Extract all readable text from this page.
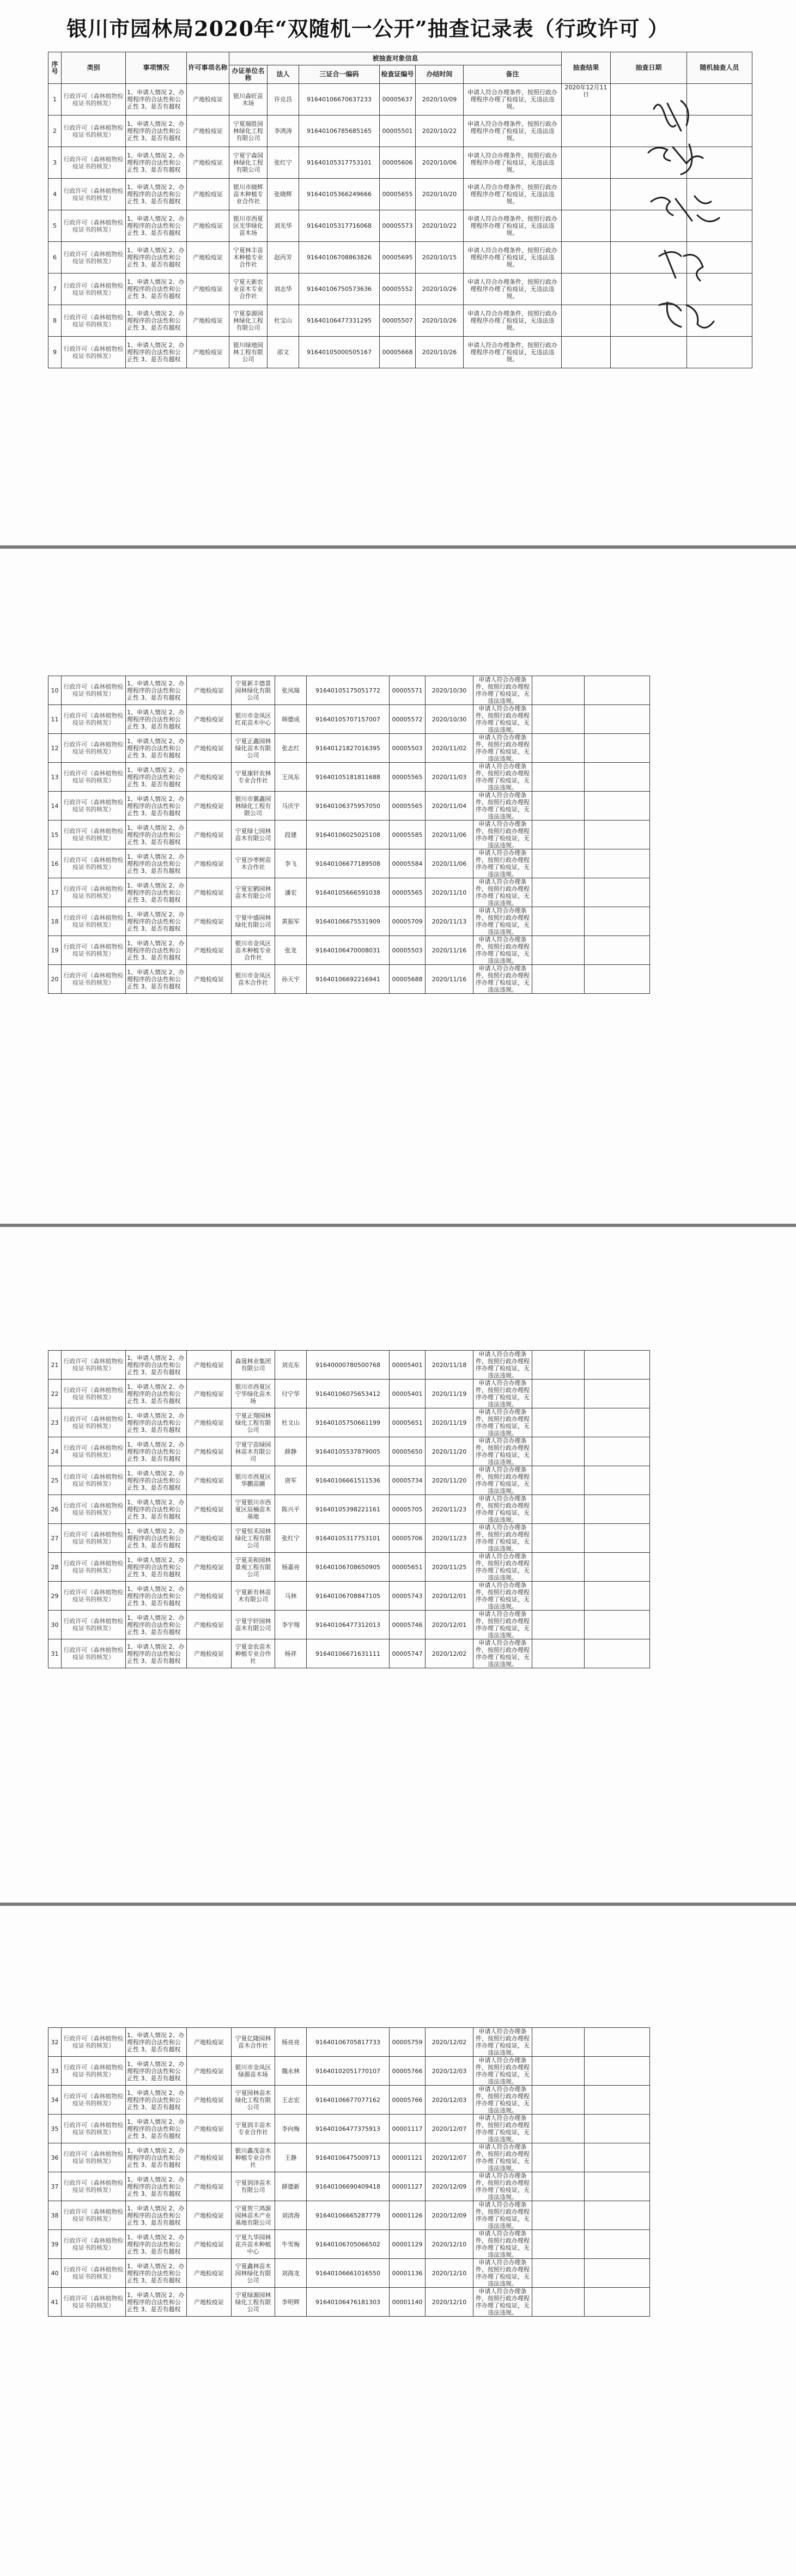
银川市园林局2020年“双随机一公开”抽查记录表（行政许可 ）
序号	类别	事项情况	许可事项名称	被抽查对象信息						抽查结果	抽查日期	随机抽查人员
				办证单位名称	法人	三证合一编码	检查证编号	办结时间	备注			
1	行政许可（森林植物检疫证书的核发）	1、申请人情况 2、办理程序的合法性和公正性 3、是否有越权	产地检疫证	银川森旺苗木场	许克昌	91640106670637233	00005637	2020/10/09	申请人符合办理条件，按照行政办理程序办理了检疫证，无违法违规。	2020年12月11日		
2	行政许可（森林植物检疫证书的核发）	1、申请人情况 2、办理程序的合法性和公正性 3、是否有越权	产地检疫证	宁夏瑞胜园林绿化工程有限公司	李鸿涛	91640106785685165	00005501	2020/10/22	申请人符合办理条件，按照行政办理程序办理了检疫证，无违法违规。			
3	行政许可（森林植物检疫证书的核发）	1、申请人情况 2、办理程序的合法性和公正性 3、是否有越权	产地检疫证	宁夏宁森园林绿化工程有限公司	张红宁	91640105317753101	00005606	2020/10/06	申请人符合办理条件，按照行政办理程序办理了检疫证，无违法违规。			
4	行政许可（森林植物检疫证书的核发）	1、申请人情况 2、办理程序的合法性和公正性 3、是否有越权	产地检疫证	银川市晓辉苗木种植专业合作社	张晓辉	91640105366249666	00005655	2020/10/20	申请人符合办理条件，按照行政办理程序办理了检疫证，无违法违规。			
5	行政许可（森林植物检疫证书的核发）	1、申请人情况 2、办理程序的合法性和公正性 3、是否有越权	产地检疫证	银川市西夏区光华绿化苗木场	刘光华	91640105317716068	00005573	2020/10/22	申请人符合办理条件，按照行政办理程序办理了检疫证，无违法违规。			
6	行政许可（森林植物检疫证书的核发）	1、申请人情况 2、办理程序的合法性和公正性 3、是否有越权	产地检疫证	宁夏林丰苗木种植专业合作社	赵丙芳	91640106708863826	00005695	2020/10/15	申请人符合办理条件，按照行政办理程序办理了检疫证，无违法违规。			
7	行政许可（森林植物检疫证书的核发）	1、申请人情况 2、办理程序的合法性和公正性 3、是否有越权	产地检疫证	宁夏天新农业苗木专业合作社	刘志华	91640106750573636	00005552	2020/10/26	申请人符合办理条件，按照行政办理程序办理了检疫证，无违法违规。			
8	行政许可（森林植物检疫证书的核发）	1、申请人情况 2、办理程序的合法性和公正性 3、是否有越权	产地检疫证	宁夏泰源园林绿化工程有限公司	杜宝山	91640106477331295	00005507	2020/10/26	申请人符合办理条件，按照行政办理程序办理了检疫证，无违法违规。			
9	行政许可（森林植物检疫证书的核发）	1、申请人情况 2、办理程序的合法性和公正性 3、是否有越权	产地检疫证	银川绿地园林工程有限公司	邵文	91640105000505167	00005668	2020/10/26	申请人符合办理条件，按照行政办理程序办理了检疫证，无违法违规。			
10	行政许可（森林植物检疫证书的核发）	1、申请人情况 2、办理程序的合法性和公正性 3、是否有越权	产地检疫证	宁夏新丰德景园林绿化有限公司	张凤瑞	91640105175051772	00005571	2020/10/30	申请人符合办理条件，按照行政办理程序办理了检疫证，无违法违规。		
11	行政许可（森林植物检疫证书的核发）	1、申请人情况 2、办理程序的合法性和公正性 3、是否有越权	产地检疫证	银川市金凤区红花苗木中心	韩德成	91640105707157007	00005572	2020/10/30	申请人符合办理条件，按照行政办理程序办理了检疫证，无违法违规。		
12	行政许可（森林植物检疫证书的核发）	1、申请人情况 2、办理程序的合法性和公正性 3、是否有越权	产地检疫证	宁夏正鑫园林绿化苗木有限公司	张志红	91640121827016395	00005503	2020/11/02	申请人符合办理条件，按照行政办理程序办理了检疫证，无违法违规。		
13	行政许可（森林植物检疫证书的核发）	1、申请人情况 2、办理程序的合法性和公正性 3、是否有越权	产地检疫证	宁夏康轩农林专业合作社	王凤东	91640105181811688	00005565	2020/11/03	申请人符合办理条件，按照行政办理程序办理了检疫证，无违法违规。		
14	行政许可（森林植物检疫证书的核发）	1、申请人情况 2、办理程序的合法性和公正性 3、是否有越权	产地检疫证	银川市翼鑫园林绿化工程有限公司	马庆宇	91640106375957050	00005565	2020/11/04	申请人符合办理条件，按照行政办理程序办理了检疫证，无违法违规。		
15	行政许可（森林植物检疫证书的核发）	1、申请人情况 2、办理程序的合法性和公正性 3、是否有越权	产地检疫证	宁夏绿七园林苗木有限公司	段建	91640106025025108	00005585	2020/11/06	申请人符合办理条件，按照行政办理程序办理了检疫证，无违法违规。		
16	行政许可（森林植物检疫证书的核发）	1、申请人情况 2、办理程序的合法性和公正性 3、是否有越权	产地检疫证	宁夏沙枣树苗木合作社	李飞	91640106677189508	00005584	2020/11/06	申请人符合办理条件，按照行政办理程序办理了检疫证，无违法违规。		
17	行政许可（森林植物检疫证书的核发）	1、申请人情况 2、办理程序的合法性和公正性 3、是否有越权	产地检疫证	宁夏宏鹤园林苗木有限公司	潘宏	91640105666591038	00005565	2020/11/10	申请人符合办理条件，按照行政办理程序办理了检疫证，无违法违规。		
18	行政许可（森林植物检疫证书的核发）	1、申请人情况 2、办理程序的合法性和公正性 3、是否有越权	产地检疫证	宁夏中盛园林绿化有限公司	黄振军	91640106675531909	00005709	2020/11/13	申请人符合办理条件，按照行政办理程序办理了检疫证，无违法违规。		
19	行政许可（森林植物检疫证书的核发）	1、申请人情况 2、办理程序的合法性和公正性 3、是否有越权	产地检疫证	银川市金凤区苗木种植专业合作社	张龙	91640106470008031	00005503	2020/11/16	申请人符合办理条件，按照行政办理程序办理了检疫证，无违法违规。		
20	行政许可（森林植物检疫证书的核发）	1、申请人情况 2、办理程序的合法性和公正性 3、是否有越权	产地检疫证	银川市金凤区苗木合作社	孙天宇	91640106692216941	00005688	2020/11/16	申请人符合办理条件，按照行政办理程序办理了检疫证，无违法违规。		
21	行政许可（森林植物检疫证书的核发）	1、申请人情况 2、办理程序的合法性和公正性 3、是否有越权	产地检疫证	森晟林业集团有限公司	刘克东	91640000780500768	00005401	2020/11/18	申请人符合办理条件，按照行政办理程序办理了检疫证，无违法违规。		
22	行政许可（森林植物检疫证书的核发）	1、申请人情况 2、办理程序的合法性和公正性 3、是否有越权	产地检疫证	银川市西夏区宁华绿化苗木场	付宁华	91640106075653412	00005401	2020/11/19	申请人符合办理条件，按照行政办理程序办理了检疫证，无违法违规。		
23	行政许可（森林植物检疫证书的核发）	1、申请人情况 2、办理程序的合法性和公正性 3、是否有越权	产地检疫证	宁夏正翔园林绿化工程有限公司	杜文山	91640105750661199	00005651	2020/11/19	申请人符合办理条件，按照行政办理程序办理了检疫证，无违法违规。		
24	行政许可（森林植物检疫证书的核发）	1、申请人情况 2、办理程序的合法性和公正性 3、是否有越权	产地检疫证	宁夏宁苗绿园林苗木有限公司	薛静	91640105537879005	00005650	2020/11/20	申请人符合办理条件，按照行政办理程序办理了检疫证，无违法违规。		
25	行政许可（森林植物检疫证书的核发）	1、申请人情况 2、办理程序的合法性和公正性 3、是否有越权	产地检疫证	银川市西夏区华鹏苗圃	唐军	91640106661511536	00005734	2020/11/20	申请人符合办理条件，按照行政办理程序办理了检疫证，无违法违规。		
26	行政许可（森林植物检疫证书的核发）	1、申请人情况 2、办理程序的合法性和公正性 3、是否有越权	产地检疫证	宁夏银川市西夏区辰楠苗木基地	陈兴平	91640105398221161	00005705	2020/11/23	申请人符合办理条件，按照行政办理程序办理了检疫证，无违法违规。		
27	行政许可（森林植物检疫证书的核发）	1、申请人情况 2、办理程序的合法性和公正性 3、是否有越权	产地检疫证	宁夏恒禾园林绿化工程有限公司	张红宁	91640105317753101	00005706	2020/11/23	申请人符合办理条件，按照行政办理程序办理了检疫证，无违法违规。		
28	行政许可（森林植物检疫证书的核发）	1、申请人情况 2、办理程序的合法性和公正性 3、是否有越权	产地检疫证	宁夏美和园林景观工程有限公司	杨嘉亮	91640106708650905	00005651	2020/11/25	申请人符合办理条件，按照行政办理程序办理了检疫证，无违法违规。		
29	行政许可（森林植物检疫证书的核发）	1、申请人情况 2、办理程序的合法性和公正性 3、是否有越权	产地检疫证	宁夏新有林苗木有限公司	马林	91640106708847105	00005743	2020/12/01	申请人符合办理条件，按照行政办理程序办理了检疫证，无违法违规。		
30	行政许可（森林植物检疫证书的核发）	1、申请人情况 2、办理程序的合法性和公正性 3、是否有越权	产地检疫证	宁夏宇轩园林苗木有限公司	李宇翔	91640106477312013	00005746	2020/12/01	申请人符合办理条件，按照行政办理程序办理了检疫证，无违法违规。		
31	行政许可（森林植物检疫证书的核发）	1、申请人情况 2、办理程序的合法性和公正性 3、是否有越权	产地检疫证	宁夏金农苗木种植专业合作社	杨祥	91640106671631111	00005747	2020/12/02	申请人符合办理条件，按照行政办理程序办理了检疫证，无违法违规。		
32	行政许可（森林植物检疫证书的核发）	1、申请人情况 2、办理程序的合法性和公正性 3、是否有越权	产地检疫证	宁夏亿隆园林苗木合作社	杨亮亮	91640106705817733	00005759	2020/12/02	申请人符合办理条件，按照行政办理程序办理了检疫证，无违法违规。		
33	行政许可（森林植物检疫证书的核发）	1、申请人情况 2、办理程序的合法性和公正性 3、是否有越权	产地检疫证	银川市金凤区绿源苗木场	魏永林	91640102051770107	00005766	2020/12/03	申请人符合办理条件，按照行政办理程序办理了检疫证，无违法违规。		
34	行政许可（森林植物检疫证书的核发）	1、申请人情况 2、办理程序的合法性和公正性 3、是否有越权	产地检疫证	宁夏园林苗木绿化工程有限公司	王志宏	91640106677077162	00005766	2020/12/03	申请人符合办理条件，按照行政办理程序办理了检疫证，无违法违规。		
35	行政许可（森林植物检疫证书的核发）	1、申请人情况 2、办理程序的合法性和公正性 3、是否有越权	产地检疫证	宁夏润丰苗木专业合作社	李向梅	91640106477375913	00001117	2020/12/07	申请人符合办理条件，按照行政办理程序办理了检疫证，无违法违规。		
36	行政许可（森林植物检疫证书的核发）	1、申请人情况 2、办理程序的合法性和公正性 3、是否有越权	产地检疫证	银川鑫茂苗木种植专业合作社	王静	91640106475009713	00001121	2020/12/07	申请人符合办理条件，按照行政办理程序办理了检疫证，无违法违规。		
37	行政许可（森林植物检疫证书的核发）	1、申请人情况 2、办理程序的合法性和公正性 3、是否有越权	产地检疫证	宁夏润泽苗木有限公司	薛德新	91640106690409418	00001127	2020/12/09	申请人符合办理条件，按照行政办理程序办理了检疫证，无违法违规。		
38	行政许可（森林植物检疫证书的核发）	1、申请人情况 2、办理程序的合法性和公正性 3、是否有越权	产地检疫证	宁夏贺兰鸿源园林苗木产业基地有限公司	刘清海	91640106665287779	00001126	2020/12/09	申请人符合办理条件，按照行政办理程序办理了检疫证，无违法违规。		
39	行政许可（森林植物检疫证书的核发）	1、申请人情况 2、办理程序的合法性和公正性 3、是否有越权	产地检疫证	宁夏九华园林花卉苗木种植中心	牛雪梅	91640106705066502	00001129	2020/12/10	申请人符合办理条件，按照行政办理程序办理了检疫证，无违法违规。		
40	行政许可（森林植物检疫证书的核发）	1、申请人情况 2、办理程序的合法性和公正性 3、是否有越权	产地检疫证	宁夏鑫林苗木园林绿化有限公司	刘海龙	91640106661016550	00001136	2020/12/10	申请人符合办理条件，按照行政办理程序办理了检疫证，无违法违规。		
41	行政许可（森林植物检疫证书的核发）	1、申请人情况 2、办理程序的合法性和公正性 3、是否有越权	产地检疫证	宁夏绿源园林绿化工程有限公司	李明辉	91640106476181303	00001140	2020/12/10	申请人符合办理条件，按照行政办理程序办理了检疫证，无违法违规。		
